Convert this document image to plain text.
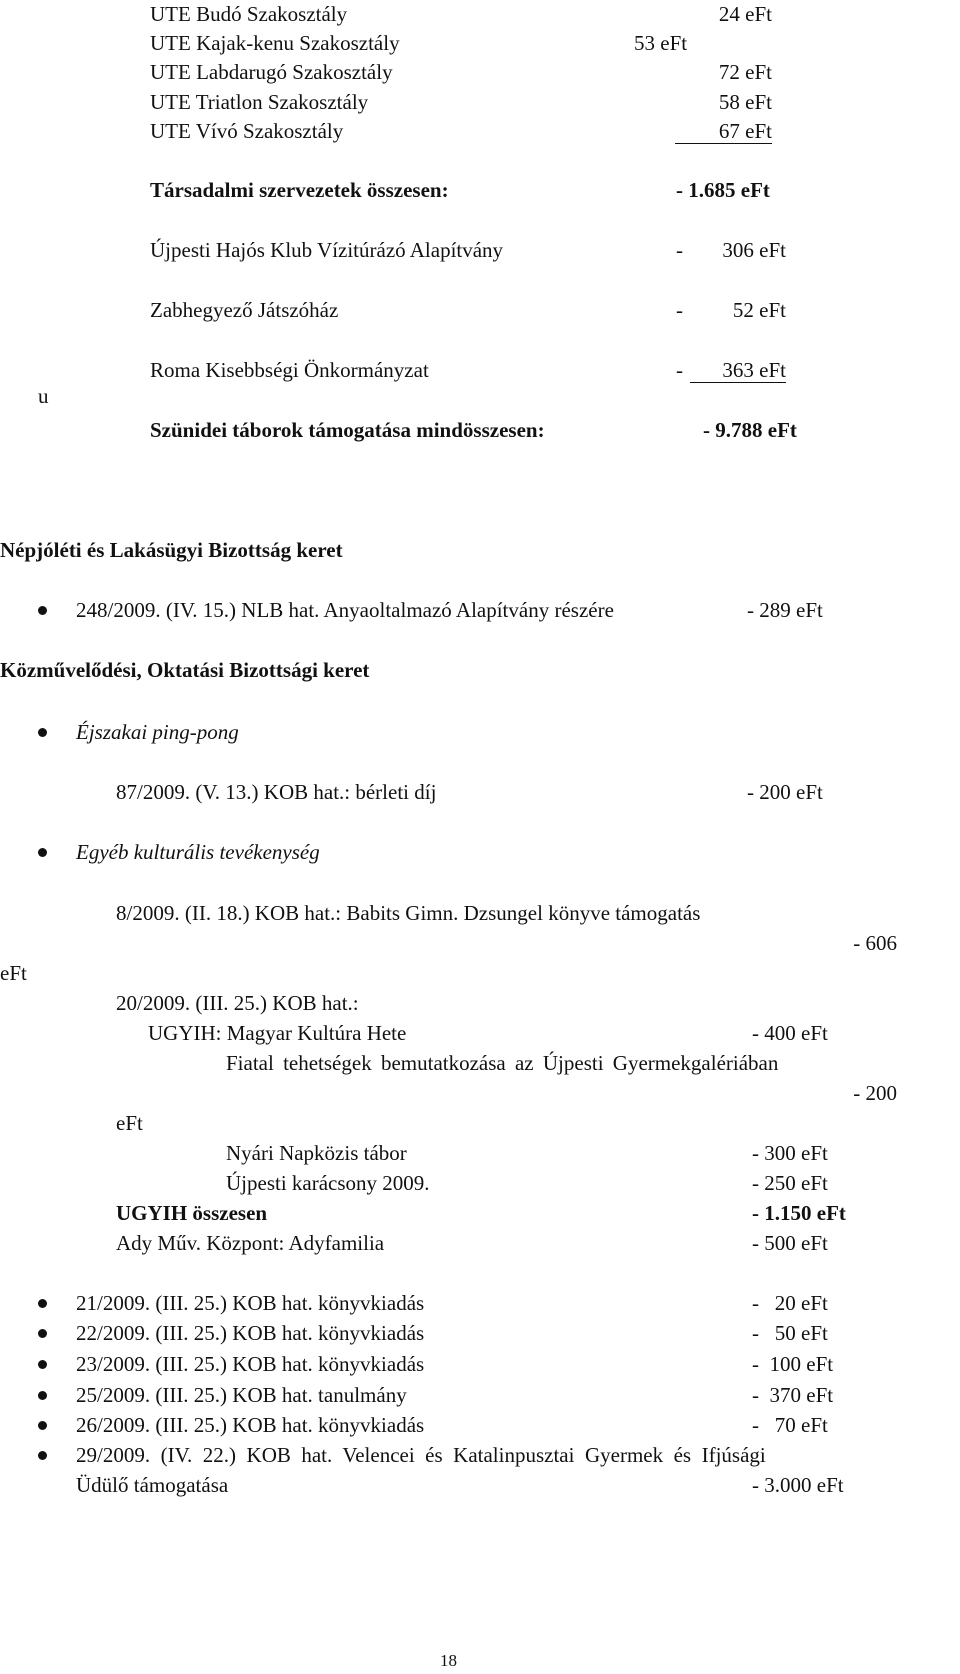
UTE Budó Szakosztály	24 eFt
UTE Kajak-kenu Szakosztály	53 eFt
UTE Labdarugó Szakosztály	72 eFt
UTE Triatlon Szakosztály	58 eFt
UTE Vívó Szakosztály	67 eFt
Társadalmi szervezetek összesen:	- 1.685 eFt
Újpesti Hajós Klub Vízitúrázó Alapítvány	- 306 eFt
Zabhegyező Játszóház	- 52 eFt
Roma Kisebbségi Önkormányzat	- 363 eFt
u
Szünidei táborok támogatása mindösszesen:	- 9.788 eFt
Népjóléti és Lakásügyi Bizottság keret
248/2009. (IV. 15.) NLB hat. Anyaoltalmazó Alapítvány részére	- 289 eFt
Közművelődési, Oktatási Bizottsági keret
Éjszakai ping-pong
87/2009. (V. 13.) KOB hat.: bérleti díj	- 200 eFt
Egyéb kulturális tevékenység
8/2009. (II. 18.) KOB hat.: Babits Gimn. Dzsungel könyve támogatás
- 606
eFt
20/2009. (III. 25.) KOB hat.:
UGYIH: Magyar Kultúra Hete	- 400 eFt
Fiatal tehetségek bemutatkozása az Újpesti Gyermekgalériában
- 200
eFt
Nyári Napközis tábor	- 300 eFt
Újpesti karácsony 2009.	- 250 eFt
UGYIH összesen	- 1.150 eFt
Ady Műv. Központ: Adyfamilia	- 500 eFt
21/2009. (III. 25.) KOB hat. könyvkiadás	-   20 eFt
22/2009. (III. 25.) KOB hat. könyvkiadás	-   50 eFt
23/2009. (III. 25.) KOB hat. könyvkiadás	-  100 eFt
25/2009. (III. 25.) KOB hat. tanulmány	-  370 eFt
26/2009. (III. 25.) KOB hat. könyvkiadás	-   70 eFt
29/2009.  (IV.  22.)  KOB  hat.  Velencei  és  Katalinpusztai  Gyermek  és  Ifjúsági
Üdülő támogatása	- 3.000 eFt
18
